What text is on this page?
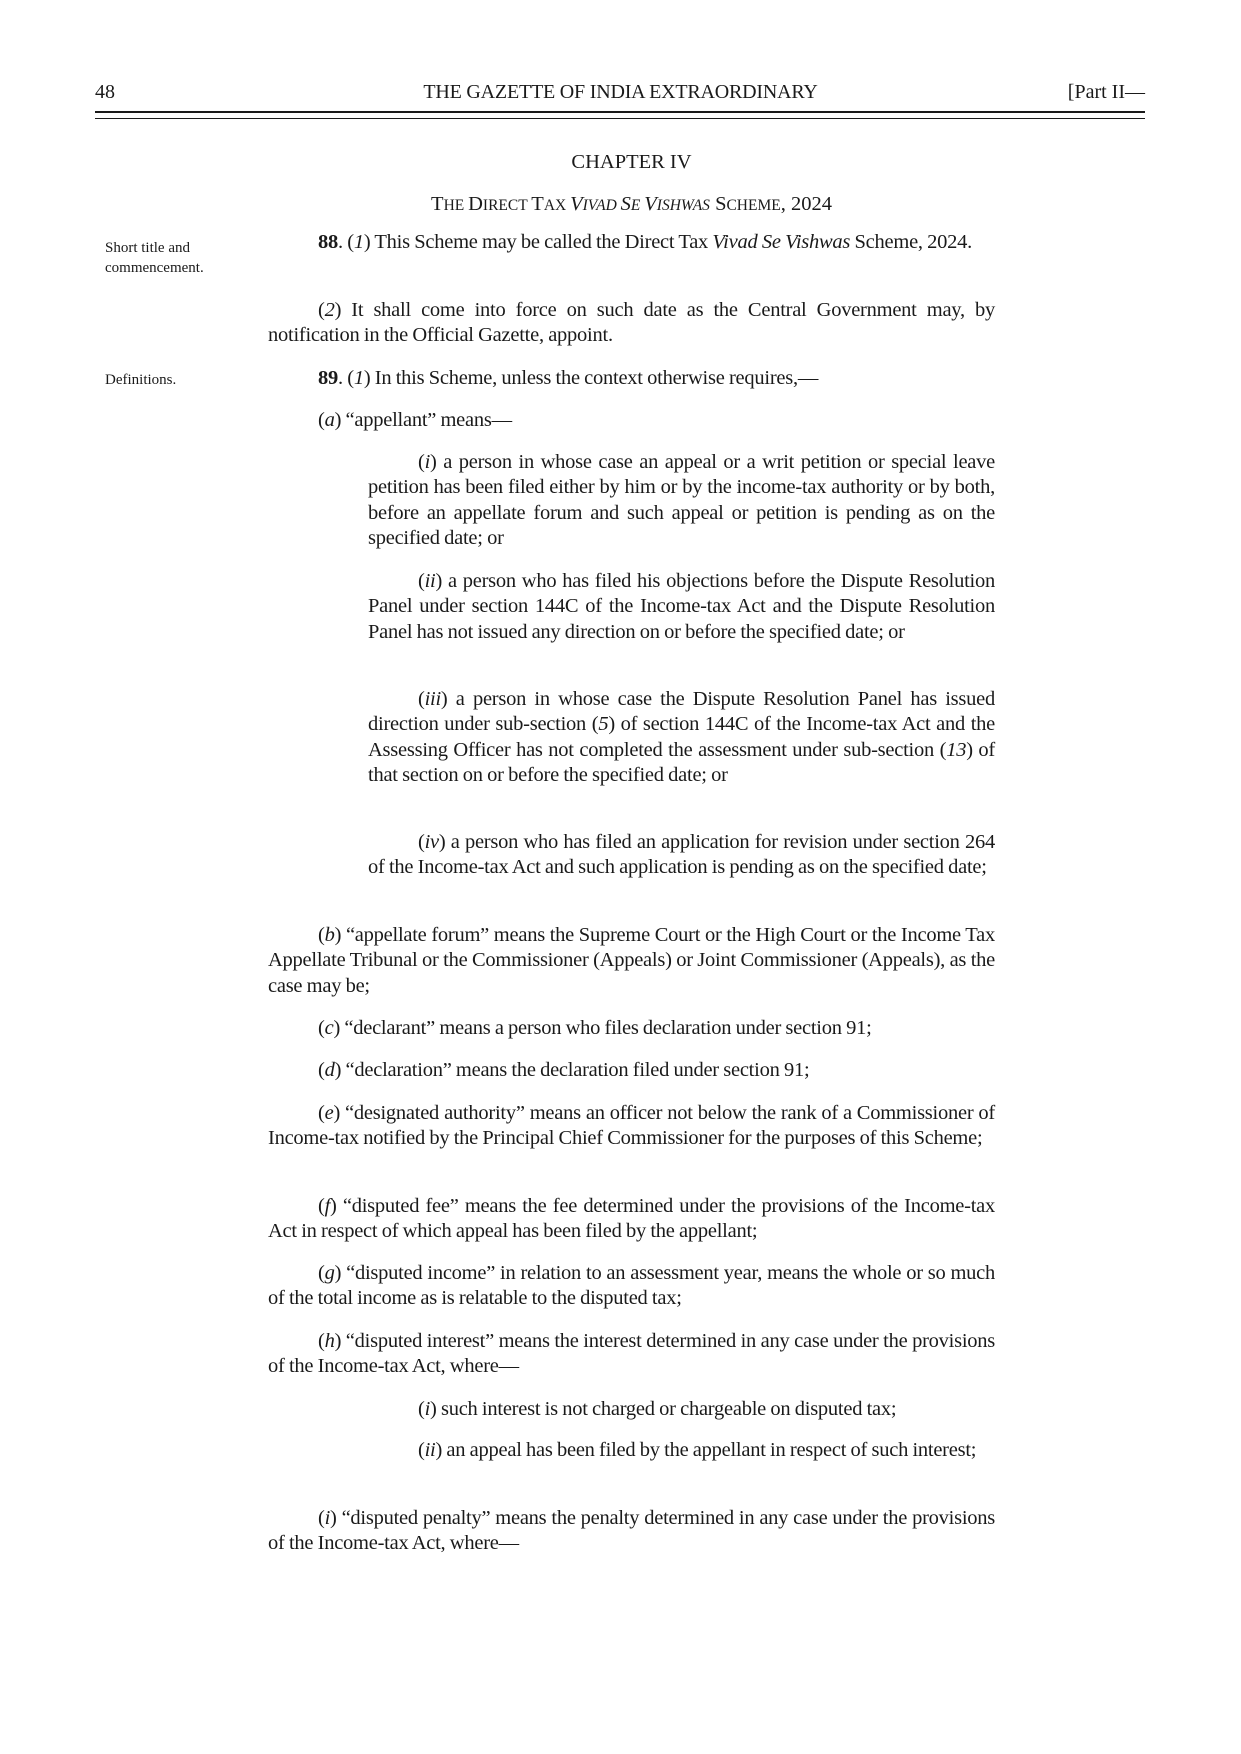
48	THE GAZETTE OF INDIA EXTRAORDINARY	[Part II—
CHAPTER IV
THE DIRECT TAX VIVAD SE VISHWAS SCHEME, 2024
Short title and commencement.
Definitions.
88. (1) This Scheme may be called the Direct Tax Vivad Se Vishwas Scheme, 2024.
(2) It shall come into force on such date as the Central Government may, by notification in the Official Gazette, appoint.
89. (1) In this Scheme, unless the context otherwise requires,—
(a) “appellant” means—
(i) a person in whose case an appeal or a writ petition or special leave petition has been filed either by him or by the income-tax authority or by both, before an appellate forum and such appeal or petition is pending as on the specified date; or
(ii) a person who has filed his objections before the Dispute Resolution Panel under section 144C of the Income-tax Act and the Dispute Resolution Panel has not issued any direction on or before the specified date; or
(iii) a person in whose case the Dispute Resolution Panel has issued direction under sub-section (5) of section 144C of the Income-tax Act and the Assessing Officer has not completed the assessment under sub-section (13) of that section on or before the specified date; or
(iv) a person who has filed an application for revision under section 264 of the Income-tax Act and such application is pending as on the specified date;
(b) “appellate forum” means the Supreme Court or the High Court or the Income Tax Appellate Tribunal or the Commissioner (Appeals) or Joint Commissioner (Appeals), as the case may be;
(c) “declarant” means a person who files declaration under section 91;
(d) “declaration” means the declaration filed under section 91;
(e) “designated authority” means an officer not below the rank of a Commissioner of Income-tax notified by the Principal Chief Commissioner for the purposes of this Scheme;
(f) “disputed fee” means the fee determined under the provisions of the Income-tax Act in respect of which appeal has been filed by the appellant;
(g) “disputed income” in relation to an assessment year, means the whole or so much of the total income as is relatable to the disputed tax;
(h) “disputed interest” means the interest determined in any case under the provisions of the Income-tax Act, where—
(i) such interest is not charged or chargeable on disputed tax;
(ii) an appeal has been filed by the appellant in respect of such interest;
(i) “disputed penalty” means the penalty determined in any case under the provisions of the Income-tax Act, where—
